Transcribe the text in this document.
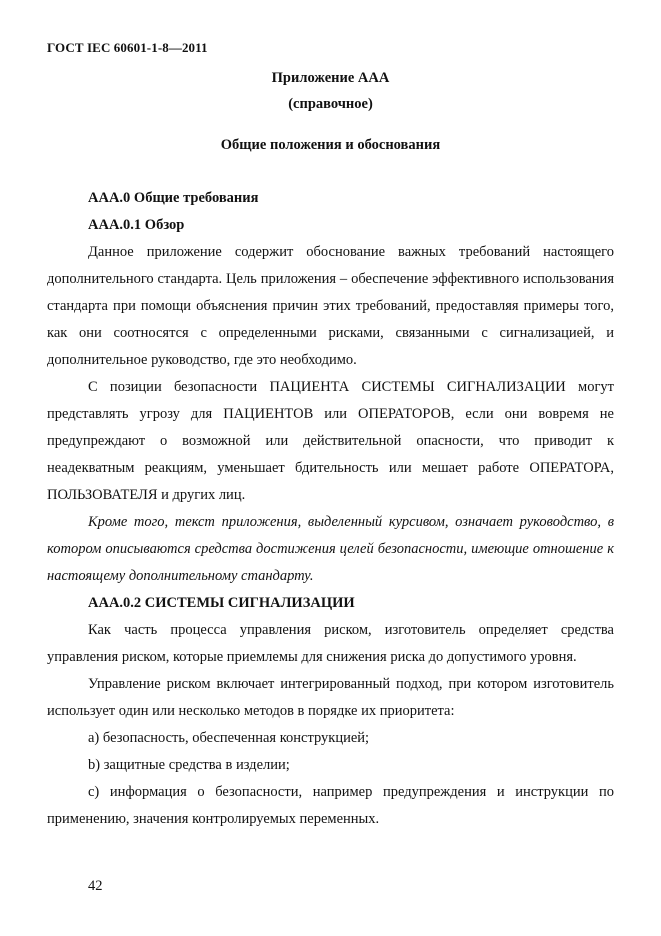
ГОСТ IEC 60601-1-8—2011
Приложение ААА
(справочное)
Общие положения и обоснования

ААА.0 Общие требования

ААА.0.1 Обзор

Данное приложение содержит обоснование важных требований настоящего дополнительного стандарта. Цель приложения – обеспечение эффективного использования стандарта при помощи объяснения причин этих требований, предоставляя примеры того, как они соотносятся с определенными рисками, связанными с сигнализацией, и дополнительное руководство, где это необходимо.

С позиции безопасности ПАЦИЕНТА СИСТЕМЫ СИГНАЛИЗАЦИИ могут представлять угрозу для ПАЦИЕНТОВ или ОПЕРАТОРОВ, если они вовремя не предупреждают о возможной или действительной опасности, что приводит к неадекватным реакциям, уменьшает бдительность или мешает работе ОПЕРАТОРА, ПОЛЬЗОВАТЕЛЯ и других лиц.

Кроме того, текст приложения, выделенный курсивом, означает руководство, в котором описываются средства достижения целей безопасности, имеющие отношение к настоящему дополнительному стандарту.

ААА.0.2 СИСТЕМЫ СИГНАЛИЗАЦИИ

Как часть процесса управления риском, изготовитель определяет средства управления риском, которые приемлемы для снижения риска до допустимого уровня.

Управление риском включает интегрированный подход, при котором изготовитель использует один или несколько методов в порядке их приоритета:

a) безопасность, обеспеченная конструкцией;

b) защитные средства в изделии;

c) информация о безопасности, например предупреждения и инструкции по применению, значения контролируемых переменных.

42
